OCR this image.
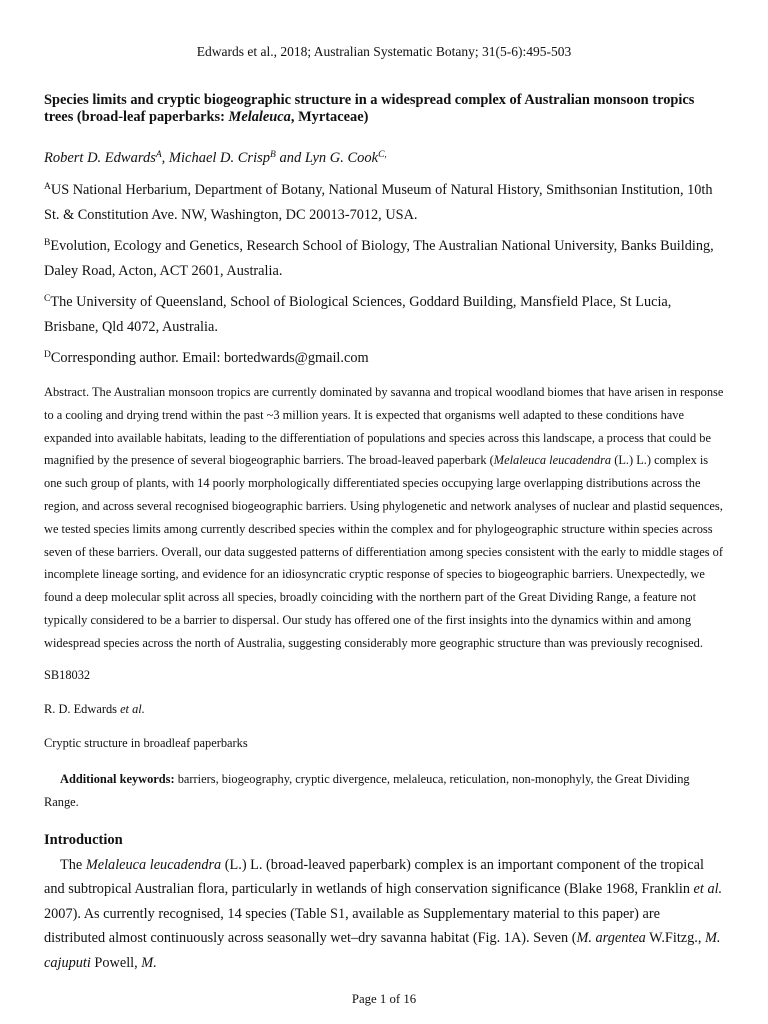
Edwards et al., 2018; Australian Systematic Botany; 31(5-6):495-503

Species limits and cryptic biogeographic structure in a widespread complex of Australian monsoon tropics trees (broad-leaf paperbarks: Melaleuca, Myrtaceae)

Robert D. Edwards$^A$, Michael D. Crisp$^B$ and Lyn G. Cook$^{C,}$

$^A$US National Herbarium, Department of Botany, National Museum of Natural History, Smithsonian Institution, 10th St. & Constitution Ave. NW, Washington, DC 20013-7012, USA.

$^B$Evolution, Ecology and Genetics, Research School of Biology, The Australian National University, Banks Building, Daley Road, Acton, ACT 2601, Australia.

$^C$The University of Queensland, School of Biological Sciences, Goddard Building, Mansfield Place, St Lucia, Brisbane, Qld 4072, Australia.

$^D$Corresponding author. Email: bortedwards@gmail.com

Abstract. The Australian monsoon tropics are currently dominated by savanna and tropical woodland biomes that have arisen in response to a cooling and drying trend within the past ~3 million years. It is expected that organisms well adapted to these conditions have expanded into available habitats, leading to the differentiation of populations and species across this landscape, a process that could be magnified by the presence of several biogeographic barriers. The broad-leaved paperbark (Melaleuca leucadendra (L.) L.) complex is one such group of plants, with 14 poorly morphologically differentiated species occupying large overlapping distributions across the region, and across several recognised biogeographic barriers. Using phylogenetic and network analyses of nuclear and plastid sequences, we tested species limits among currently described species within the complex and for phylogeographic structure within species across seven of these barriers. Overall, our data suggested patterns of differentiation among species consistent with the early to middle stages of incomplete lineage sorting, and evidence for an idiosyncratic cryptic response of species to biogeographic barriers. Unexpectedly, we found a deep molecular split across all species, broadly coinciding with the northern part of the Great Dividing Range, a feature not typically considered to be a barrier to dispersal. Our study has offered one of the first insights into the dynamics within and among widespread species across the north of Australia, suggesting considerably more geographic structure than was previously recognised.

SB18032
R. D. Edwards et al.
Cryptic structure in broadleaf paperbarks

Additional keywords: barriers, biogeography, cryptic divergence, melaleuca, reticulation, non-monophyly, the Great Dividing Range.

Introduction

The Melaleuca leucadendra (L.) L. (broad-leaved paperbark) complex is an important component of the tropical and subtropical Australian flora, particularly in wetlands of high conservation significance (Blake 1968, Franklin et al. 2007). As currently recognised, 14 species (Table S1, available as Supplementary material to this paper) are distributed almost continuously across seasonally wet–dry savanna habitat (Fig. 1A). Seven (M. argentea W.Fitzg., M. cajuputi Powell, M.

Page 1 of 16
